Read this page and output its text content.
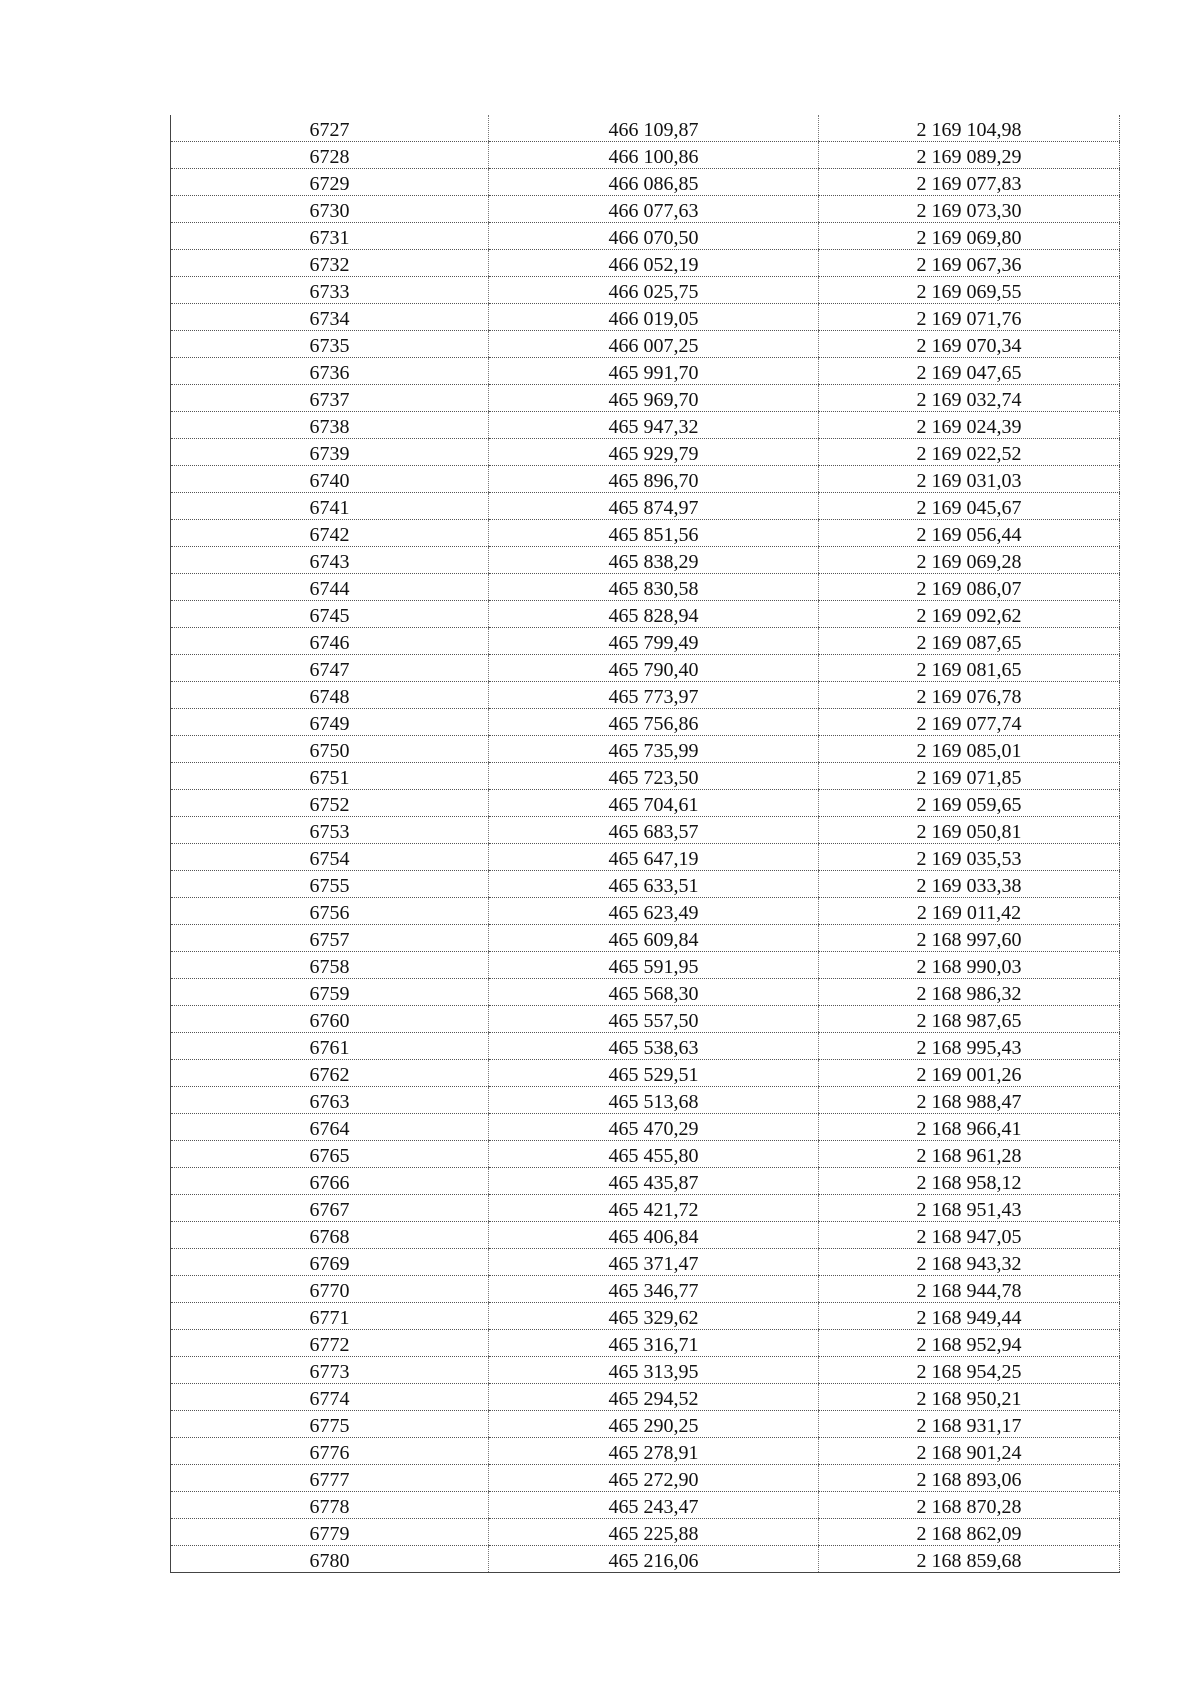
6727	466 109,87	2 169 104,98
6728	466 100,86	2 169 089,29
6729	466 086,85	2 169 077,83
6730	466 077,63	2 169 073,30
6731	466 070,50	2 169 069,80
6732	466 052,19	2 169 067,36
6733	466 025,75	2 169 069,55
6734	466 019,05	2 169 071,76
6735	466 007,25	2 169 070,34
6736	465 991,70	2 169 047,65
6737	465 969,70	2 169 032,74
6738	465 947,32	2 169 024,39
6739	465 929,79	2 169 022,52
6740	465 896,70	2 169 031,03
6741	465 874,97	2 169 045,67
6742	465 851,56	2 169 056,44
6743	465 838,29	2 169 069,28
6744	465 830,58	2 169 086,07
6745	465 828,94	2 169 092,62
6746	465 799,49	2 169 087,65
6747	465 790,40	2 169 081,65
6748	465 773,97	2 169 076,78
6749	465 756,86	2 169 077,74
6750	465 735,99	2 169 085,01
6751	465 723,50	2 169 071,85
6752	465 704,61	2 169 059,65
6753	465 683,57	2 169 050,81
6754	465 647,19	2 169 035,53
6755	465 633,51	2 169 033,38
6756	465 623,49	2 169 011,42
6757	465 609,84	2 168 997,60
6758	465 591,95	2 168 990,03
6759	465 568,30	2 168 986,32
6760	465 557,50	2 168 987,65
6761	465 538,63	2 168 995,43
6762	465 529,51	2 169 001,26
6763	465 513,68	2 168 988,47
6764	465 470,29	2 168 966,41
6765	465 455,80	2 168 961,28
6766	465 435,87	2 168 958,12
6767	465 421,72	2 168 951,43
6768	465 406,84	2 168 947,05
6769	465 371,47	2 168 943,32
6770	465 346,77	2 168 944,78
6771	465 329,62	2 168 949,44
6772	465 316,71	2 168 952,94
6773	465 313,95	2 168 954,25
6774	465 294,52	2 168 950,21
6775	465 290,25	2 168 931,17
6776	465 278,91	2 168 901,24
6777	465 272,90	2 168 893,06
6778	465 243,47	2 168 870,28
6779	465 225,88	2 168 862,09
6780	465 216,06	2 168 859,68
